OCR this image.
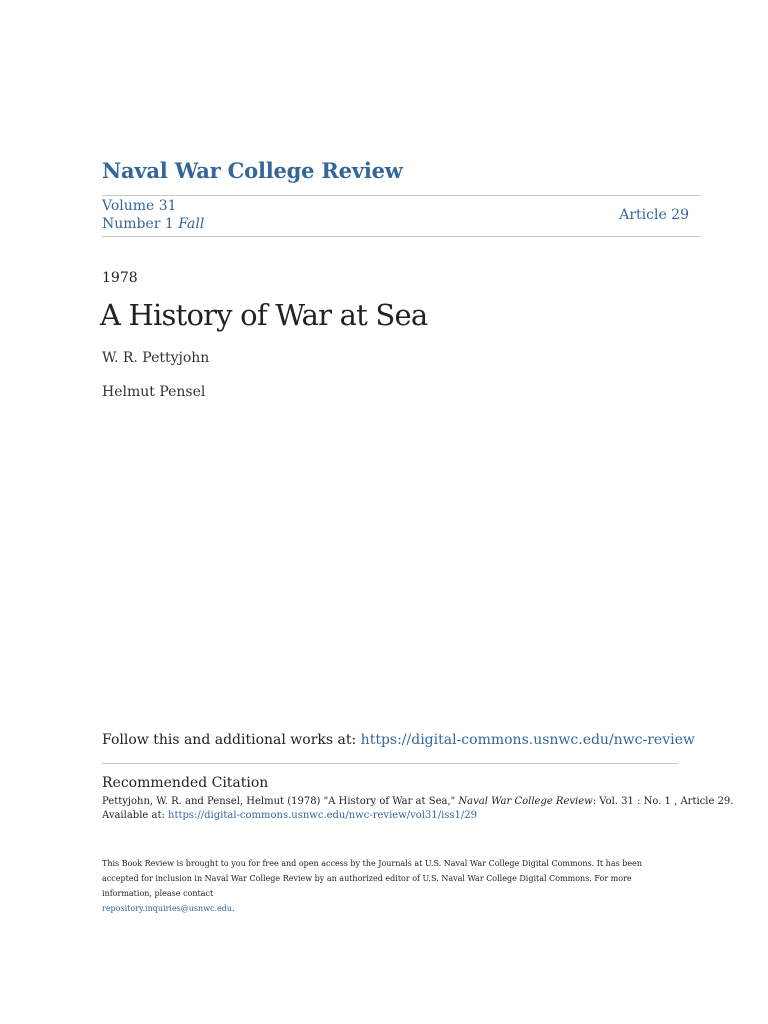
Naval War College Review
Volume 31
Number 1 Fall
Article 29
1978
A History of War at Sea
W. R. Pettyjohn
Helmut Pensel
Follow this and additional works at: https://digital-commons.usnwc.edu/nwc-review
Recommended Citation
Pettyjohn, W. R. and Pensel, Helmut (1978) "A History of War at Sea," Naval War College Review: Vol. 31 : No. 1 , Article 29.
Available at: https://digital-commons.usnwc.edu/nwc-review/vol31/iss1/29
This Book Review is brought to you for free and open access by the Journals at U.S. Naval War College Digital Commons. It has been accepted for inclusion in Naval War College Review by an authorized editor of U.S. Naval War College Digital Commons. For more information, please contact
repository.inquiries@usnwc.edu.
